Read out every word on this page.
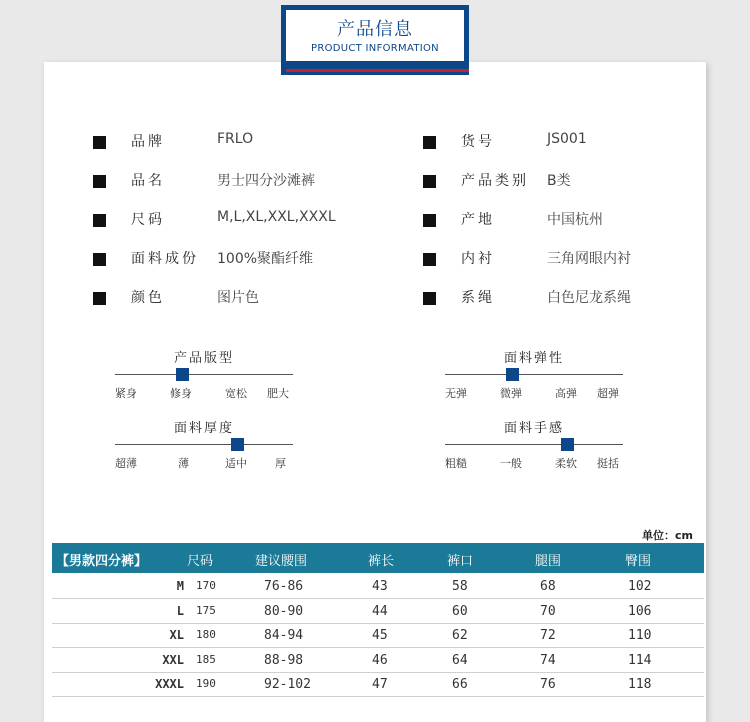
产品信息
PRODUCT INFORMATION
品牌	FRLO	货号	JS001
品名	男士四分沙滩裤	产品类别 B类
尺码	M,L,XL,XXL,XXXL	产地	中国杭州
面料成份 100%聚酯纤维	内衬	三角网眼内衬
颜色	图片色	系绳	白色尼龙系绳
产品版型
紧身	修身	宽松 肥大
面料弹性
无弹	微弹	高弹 超弹
面料厚度
超薄	薄	适中	厚
面料手感
粗糙	一般	柔软 挺括
单位：cm
【男款四分裤】	尺码	建议腰围	裤长	裤口	腿围	臀围
M 170	76-86	43	58	68	102
L 175	80-90	44	60	70	106
XL 180	84-94	45	62	72	110
XXL 185	88-98	46	64	74	114
XXXL 190	92-102	47	66	76	118
